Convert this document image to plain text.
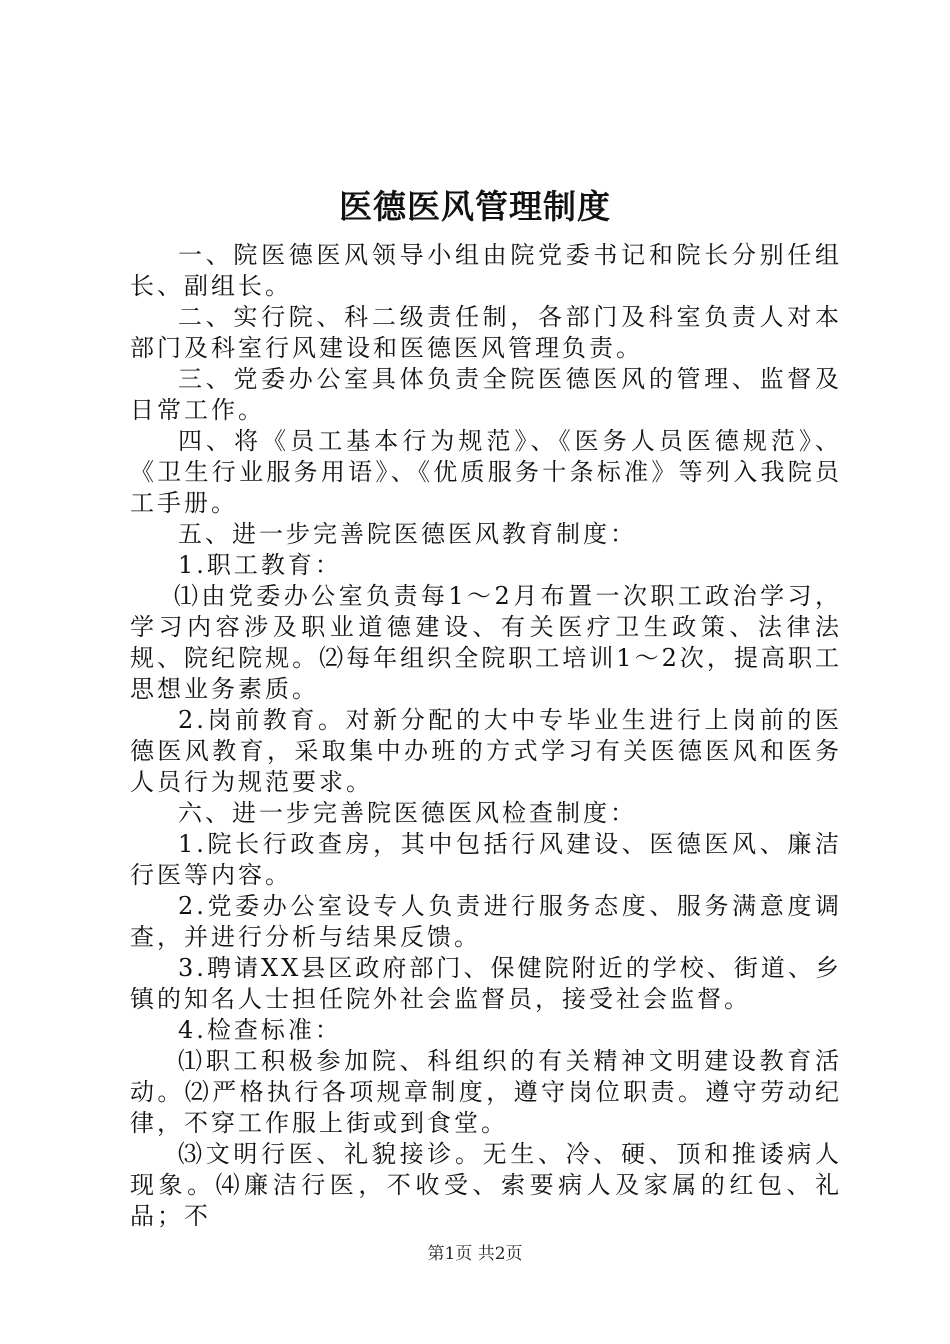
医德医风管理制度

一、院医德医风领导小组由院党委书记和院长分别任组长、副组长。

二、实行院、科二级责任制，各部门及科室负责人对本部门及科室行风建设和医德医风管理负责。

三、党委办公室具体负责全院医德医风的管理、监督及日常工作。

四、将《员工基本行为规范》、《医务人员医德规范》、《卫生行业服务用语》、《优质服务十条标准》等列入我院员工手册。

五、进一步完善院医德医风教育制度：

1.职工教育：

⑴由党委办公室负责每1～2月布置一次职工政治学习，学习内容涉及职业道德建设、有关医疗卫生政策、法律法规、院纪院规。⑵每年组织全院职工培训1～2次，提高职工思想业务素质。

2.岗前教育。对新分配的大中专毕业生进行上岗前的医德医风教育，采取集中办班的方式学习有关医德医风和医务人员行为规范要求。

六、进一步完善院医德医风检查制度：

1.院长行政查房，其中包括行风建设、医德医风、廉洁行医等内容。

2.党委办公室设专人负责进行服务态度、服务满意度调查，并进行分析与结果反馈。

3.聘请XX县区政府部门、保健院附近的学校、街道、乡镇的知名人士担任院外社会监督员，接受社会监督。

4.检查标准：

⑴职工积极参加院、科组织的有关精神文明建设教育活动。⑵严格执行各项规章制度，遵守岗位职责。遵守劳动纪律，不穿工作服上街或到食堂。

⑶文明行医、礼貌接诊。无生、冷、硬、顶和推诿病人现象。⑷廉洁行医，不收受、索要病人及家属的红包、礼品；不

第1页 共2页
